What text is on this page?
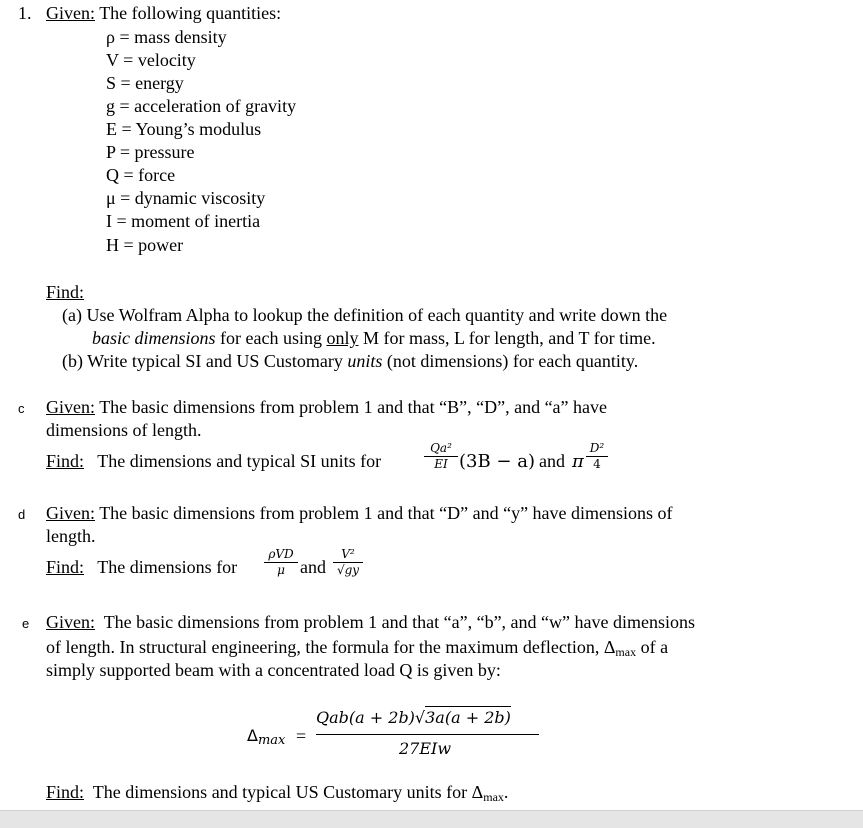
1. Given: The following quantities:
ρ = mass density
V = velocity
S = energy
g = acceleration of gravity
E = Young’s modulus
P = pressure
Q = force
μ = dynamic viscosity
I = moment of inertia
H = power
Find:
(a) Use Wolfram Alpha to lookup the definition of each quantity and write down the
basic dimensions for each using only M for mass, L for length, and T for time.
(b) Write typical SI and US Customary units (not dimensions) for each quantity.
c Given: The basic dimensions from problem 1 and that “B”, “D”, and “a” have
dimensions of length.
Find: The dimensions and typical SI units for
Qa²
EI (3B − a) and π
D²
4
d Given: The basic dimensions from problem 1 and that “D” and “y” have dimensions of
length.
Find: The dimensions for
ρVD
μ and
V²
√gy
e Given: The basic dimensions from problem 1 and that “a”, “b”, and “w” have dimensions
of length. In structural engineering, the formula for the maximum deflection, $\Delta_{max}$ of a
simply supported beam with a concentrated load Q is given by:
Δmax =
Qab(a + 2b)√3a(a + 2b)
27EIw
Find: The dimensions and typical US Customary units for $\Delta_{max}$.
